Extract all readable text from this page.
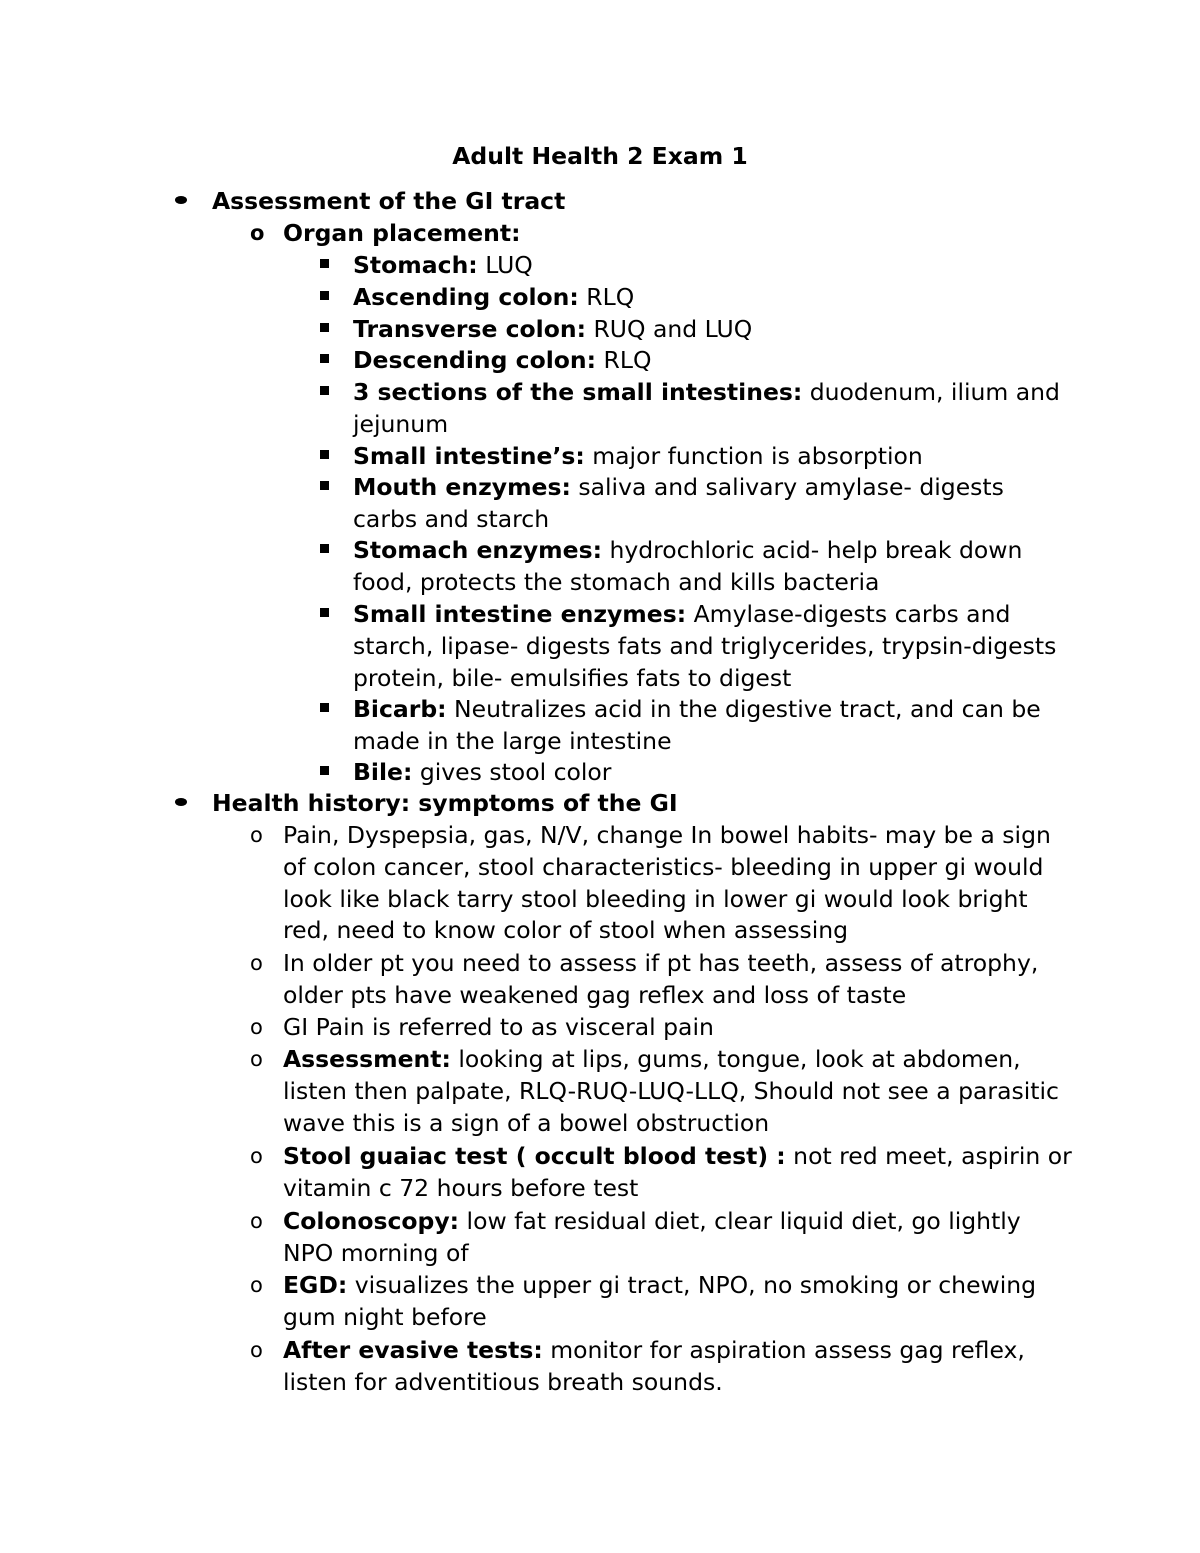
Adult Health 2 Exam 1

Assessment of the GI tract

o Organ placement:

Stomach: LUQ

Ascending colon: RLQ

Transverse colon: RUQ and LUQ

Descending colon: RLQ

3 sections of the small intestines: duodenum, ilium and jejunum

Small intestine’s: major function is absorption

Mouth enzymes: saliva and salivary amylase- digests carbs and starch

Stomach enzymes: hydrochloric acid- help break down food, protects the stomach and kills bacteria

Small intestine enzymes: Amylase-digests carbs and starch, lipase- digests fats and triglycerides, trypsin-digests protein, bile- emulsifies fats to digest

Bicarb: Neutralizes acid in the digestive tract, and can be made in the large intestine

Bile: gives stool color

Health history: symptoms of the GI

o Pain, Dyspepsia, gas, N/V, change In bowel habits- may be a sign of colon cancer, stool characteristics- bleeding in upper gi would look like black tarry stool bleeding in lower gi would look bright red, need to know color of stool when assessing

o In older pt you need to assess if pt has teeth, assess of atrophy, older pts have weakened gag reflex and loss of taste

o GI Pain is referred to as visceral pain

o Assessment: looking at lips, gums, tongue, look at abdomen, listen then palpate, RLQ-RUQ-LUQ-LLQ, Should not see a parasitic wave this is a sign of a bowel obstruction

o Stool guaiac test ( occult blood test) : not red meet, aspirin or vitamin c 72 hours before test

o Colonoscopy: low fat residual diet, clear liquid diet, go lightly NPO morning of

o EGD: visualizes the upper gi tract, NPO, no smoking or chewing gum night before

o After evasive tests: monitor for aspiration assess gag reflex, listen for adventitious breath sounds.
